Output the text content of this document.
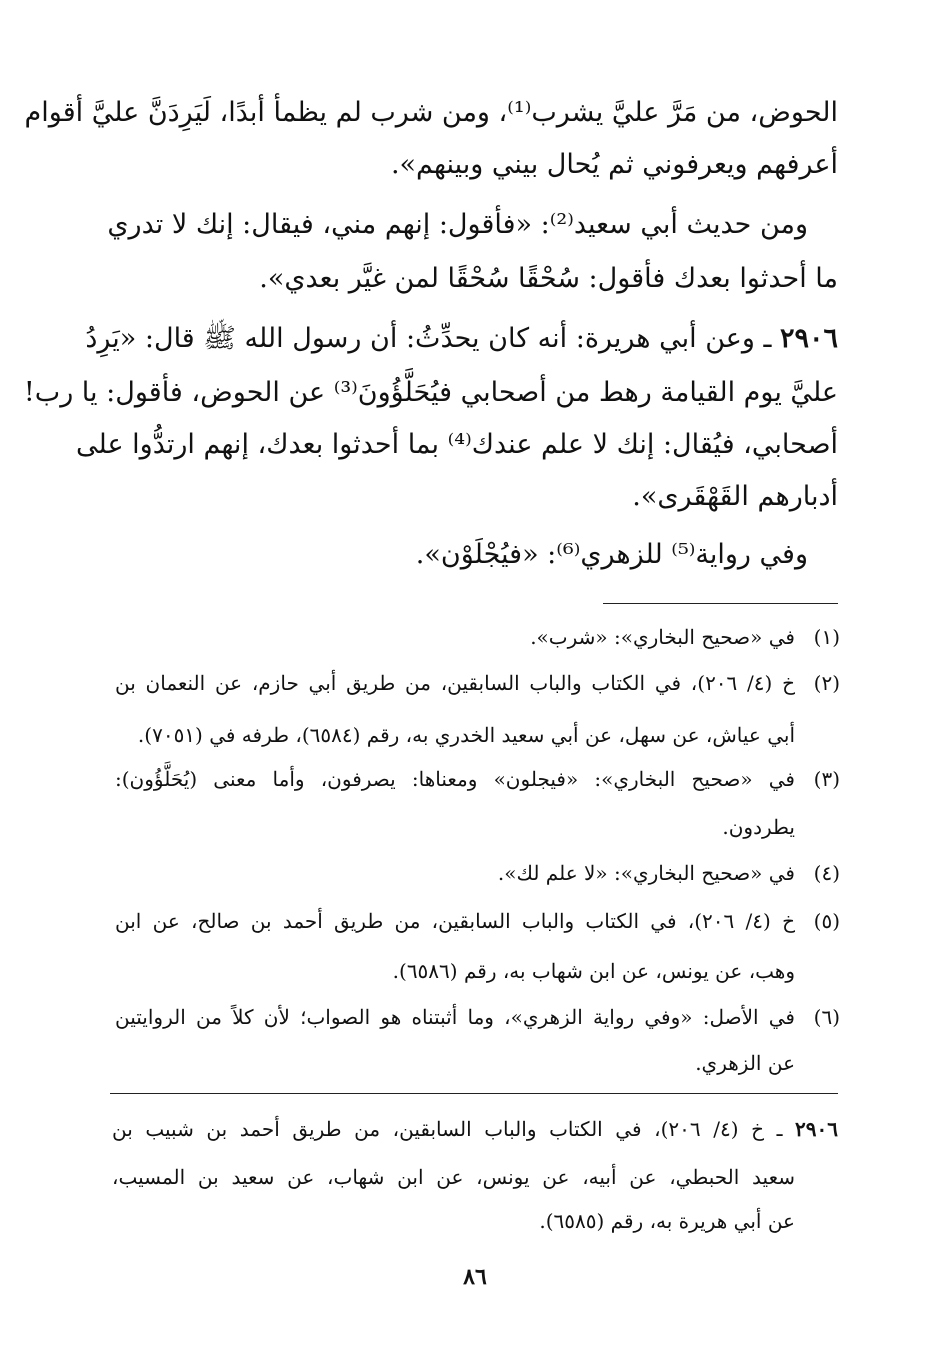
الحوض، من مَرَّ عليَّ يشرب⁽¹⁾، ومن شرب لم يظمأ أبدًا، لَيَرِدَنَّ عليَّ أقوام
أعرفهم ويعرفوني ثم يُحال بيني وبينهم».
ومن حديث أبي سعيد⁽²⁾: «فأقول: إنهم مني، فيقال: إنك لا تدري
ما أحدثوا بعدك فأقول: سُحْقًا سُحْقًا لمن غيَّر بعدي».
٢٩٠٦ ـ وعن أبي هريرة: أنه كان يحدِّثُ: أن رسول الله ﷺ قال: «يَرِدُ
عليَّ يوم القيامة رهط من أصحابي فيُحَلَّؤُونَ⁽³⁾ عن الحوض، فأقول: يا رب!
أصحابي، فيُقال: إنك لا علم عندك⁽⁴⁾ بما أحدثوا بعدك، إنهم ارتدُّوا على
أدبارهم القَهْقَرى».
وفي رواية⁽⁵⁾ للزهري⁽⁶⁾: «فيُجْلَوْن».
(١)
في «صحيح البخاري»: «شرب».
(٢)
خ (٤/ ٢٠٦)، في الكتاب والباب السابقين، من طريق أبي حازم، عن النعمان بن
أبي عياش، عن سهل، عن أبي سعيد الخدري به، رقم (٦٥٨٤)، طرفه في (٧٠٥١).
(٣)
في «صحيح البخاري»: «فيجلون» ومعناها: يصرفون، وأما معنى (يُحَلَّؤُون):
يطردون.
(٤)
في «صحيح البخاري»: «لا علم لك».
(٥)
خ (٤/ ٢٠٦)، في الكتاب والباب السابقين، من طريق أحمد بن صالح، عن ابن
وهب، عن يونس، عن ابن شهاب به، رقم (٦٥٨٦).
(٦)
في الأصل: «وفي رواية الزهري»، وما أثبتناه هو الصواب؛ لأن كلاً من الروايتين
عن الزهري.
٢٩٠٦ ـ خ (٤/ ٢٠٦)، في الكتاب والباب السابقين، من طريق أحمد بن شبيب بن
سعيد الحبطي، عن أبيه، عن يونس، عن ابن شهاب، عن سعيد بن المسيب،
عن أبي هريرة به، رقم (٦٥٨٥).
٨٦
